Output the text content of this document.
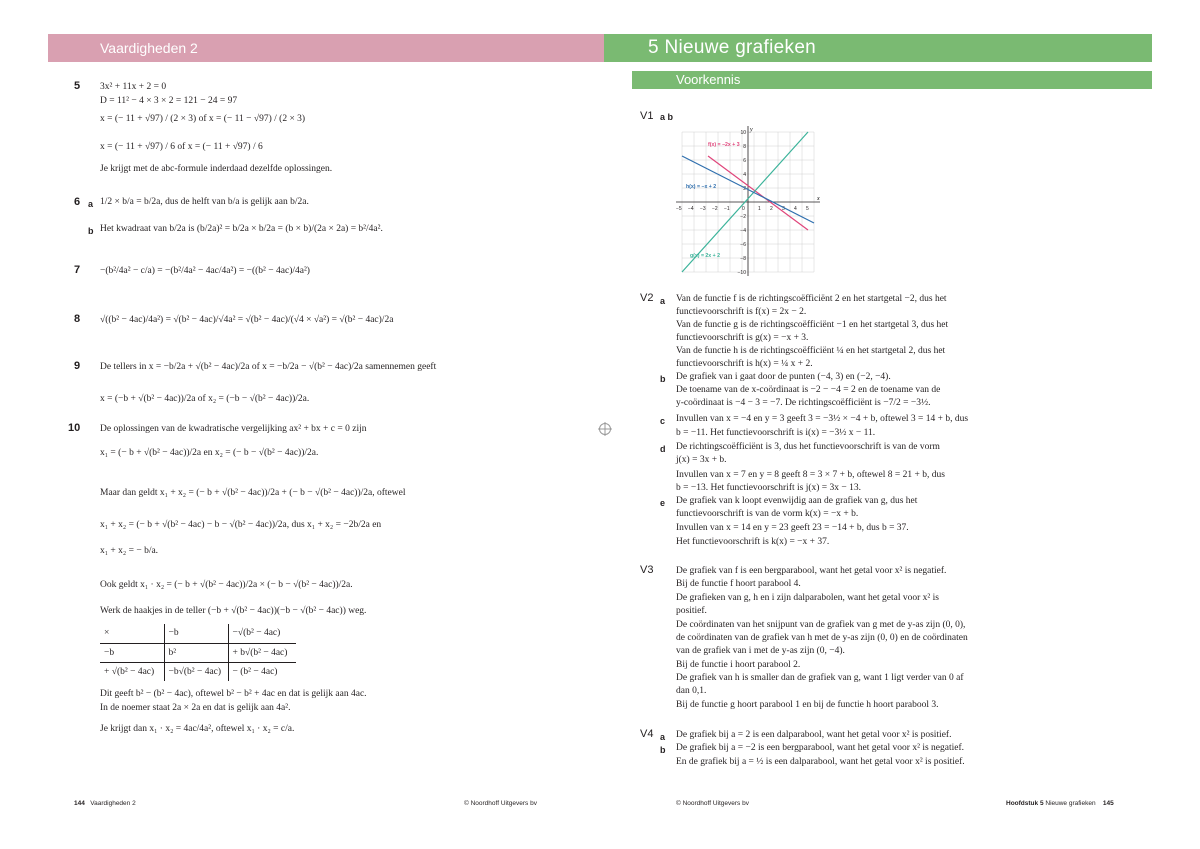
Vaardigheden 2	5 Nieuwe grafieken
Voorkennis
5 3x² + 11x + 2 = 0
D = 11² − 4 × 3 × 2 = 121 − 24 = 97
x = (− 11 + √97) / (2 × 3) of x = (− 11 − √97) / (2 × 3)
x = (− 11 + √97) / 6 of x = (− 11 + √97) / 6
Je krijgt met de abc-formule inderdaad dezelfde oplossingen.
6 a 1/2 × b/a = b/2a, dus de helft van b/a is gelijk aan b/2a.
b Het kwadraat van b/2a is (b/2a)² = b/2a × b/2a = (b × b)/(2a × 2a) = b²/4a².
7 −(b²/4a² − c/a) = −(b²/4a² − 4ac/4a²) = −((b² − 4ac)/4a²)
8 √((b² − 4ac)/4a²) = √(b² − 4ac)/√4a² = √(b² − 4ac)/(√4 × √a²) = √(b² − 4ac)/2a
9 De tellers in x = −b/2a + √(b² − 4ac)/2a of x = −b/2a − √(b² − 4ac)/2a samennemen geeft
x = (−b + √(b² − 4ac))/2a of x₂ = (−b − √(b² − 4ac))/2a.
10 De oplossingen van de kwadratische vergelijking ax² + bx + c = 0 zijn
x₁ = (− b + √(b² − 4ac))/2a en x₂ = (− b − √(b² − 4ac))/2a.
Maar dan geldt x₁ + x₂ = (− b + √(b² − 4ac))/2a + (− b − √(b² − 4ac))/2a, oftewel
x₁ + x₂ = (− b + √(b² − 4ac) − b − √(b² − 4ac))/2a, dus x₁ + x₂ = −2b/2a en
x₁ + x₂ = − b/a.
Ook geldt x₁ · x₂ = (− b + √(b² − 4ac))/2a × (− b − √(b² − 4ac))/2a.
Werk de haakjes in de teller (−b + √(b² − 4ac))(−b − √(b² − 4ac)) weg.
×	−b	−√(b² − 4ac)
−b	b²	+ b√(b² − 4ac)
+ √(b² − 4ac)	−b√(b² − 4ac)	− (b² − 4ac)
Dit geeft b² − (b² − 4ac), oftewel b² − b² + 4ac en dat is gelijk aan 4ac.
In de noemer staat 2a × 2a en dat is gelijk aan 4a².
Je krijgt dan x₁ · x₂ = 4ac/4a², oftewel x₁ · x₂ = c/a.
V1 a b
x
y
−5 −4 −3 −2 −1 0	1 2 3 4 5
10
8
6
4
2
−2
−4
−6
−8
−10
f(x) = −2x + 3
h(x) = −x + 2
g(x) = 2x + 2
V2 a Van de functie f is de richtingscoëfficiënt 2 en het startgetal −2, dus het
functievoorschrift is f(x) = 2x − 2.
Van de functie g is de richtingscoëfficiënt −1 en het startgetal 3, dus het
functievoorschrift is g(x) = −x + 3.
Van de functie h is de richtingscoëfficiënt ¼ en het startgetal 2, dus het
functievoorschrift is h(x) = ¼ x + 2.
b De grafiek van i gaat door de punten (−4, 3) en (−2, −4).
De toename van de x-coördinaat is −2 − −4 = 2 en de toename van de
y-coördinaat is −4 − 3 = −7. De richtingscoëfficiënt is −7/2 = −3½.
c Invullen van x = −4 en y = 3 geeft 3 = −3½ × −4 + b, oftewel 3 = 14 + b, dus
b = −11. Het functievoorschrift is i(x) = −3½ x − 11.
d De richtingscoëfficiënt is 3, dus het functievoorschrift is van de vorm
j(x) = 3x + b.
Invullen van x = 7 en y = 8 geeft 8 = 3 × 7 + b, oftewel 8 = 21 + b, dus
b = −13. Het functievoorschrift is j(x) = 3x − 13.
e De grafiek van k loopt evenwijdig aan de grafiek van g, dus het
functievoorschrift is van de vorm k(x) = −x + b.
Invullen van x = 14 en y = 23 geeft 23 = −14 + b, dus b = 37.
Het functievoorschrift is k(x) = −x + 37.
V3 De grafiek van f is een bergparabool, want het getal voor x² is negatief.
Bij de functie f hoort parabool 4.
De grafieken van g, h en i zijn dalparabolen, want het getal voor x² is
positief.
De coördinaten van het snijpunt van de grafiek van g met de y-as zijn (0, 0),
de coördinaten van de grafiek van h met de y-as zijn (0, 0) en de coördinaten
van de grafiek van i met de y-as zijn (0, −4).
Bij de functie i hoort parabool 2.
De grafiek van h is smaller dan de grafiek van g, want 1 ligt verder van 0 af
dan 0,1.
Bij de functie g hoort parabool 1 en bij de functie h hoort parabool 3.
V4 a De grafiek bij a = 2 is een dalparabool, want het getal voor x² is positief.
b De grafiek bij a = −2 is een bergparabool, want het getal voor x² is negatief.
En de grafiek bij a = ½ is een dalparabool, want het getal voor x² is positief.
144 Vaardigheden 2	© Noordhoff Uitgevers bv	© Noordhoff Uitgevers bv	Hoofdstuk 5 Nieuwe grafieken 145
